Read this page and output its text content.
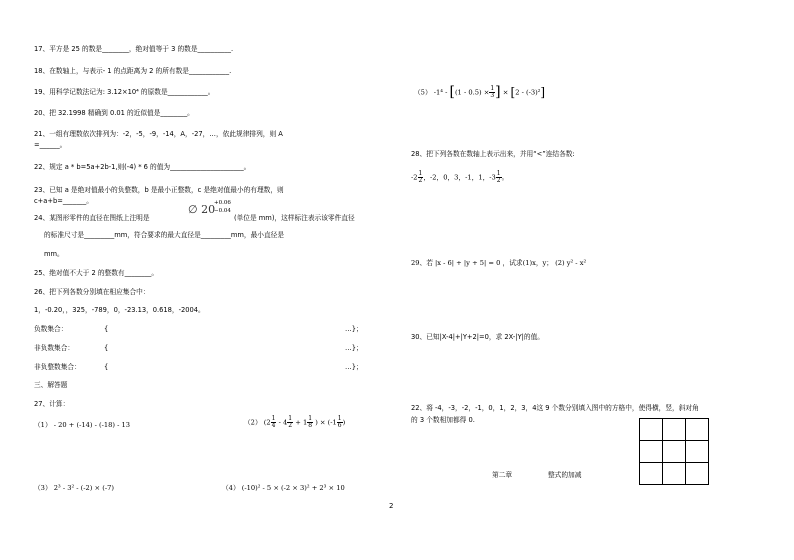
17、平方是 25 的数是________，绝对值等于 3 的数是__________.
18、在数轴上，与表示- 1 的点距离为 2 的所有数是____________.
19、用科学记数法记为: 3.12×10⁴ 的原数是____________。
20、把 32.1998 精确到 0.01 的近似值是________。
21、一组有理数依次排列为：-2，-5，-9，-14，A，-27，…，依此规律排列，则 A
=______。
22、规定 a * b=5a+2b-1,则(-4) * 6 的值为______________________。
23、已知 a 是绝对值最小的负整数，b 是最小正整数，c 是绝对值最小的有理数，则
c+a+b=_______。
24、某图形零件的直径在图纸上注明是
∅ 20
+0.06
−0.04
(单位是 mm)，这样标注表示该零件直径
的标准尺寸是_________mm，符合要求的最大直径是_________mm，最小直径是
mm。
25、绝对值不大于 2 的整数有________。
26、把下列各数分别填在相应集合中：
1，-0.20，，325，-789，0，-23.13，0.618，-2004。
负数集合：	{	…}；
非负数集合：	{	…}；
非负整数集合：	{	…}；
三、解答题
27、计算：
（1） - 20 + (-14) - (-18) - 13	（2） ($2 \frac{1}{4} - 4 \frac{1}{2} + 1 \frac{1}{8}$ ) × ($-1 \frac{1}{6}$ )
（3） 2³ - 3² - (-2) × (-7)	（4） (-10)² - 5 × (-2 × 3)² + 2³ × 10
（5） $-1^4 - [(1 - 0.5) \times \frac{1}{3}$ ] × [2 - (-3)²]
28、把下列各数在数轴上表示出来，并用“<”连结各数:
$-2 \frac{1}{2}$ ，-2，0，3，-1，1，$-3 \frac{1}{2}$ 。
29、若 |x - 6| + |y + 5| = 0 ，试求(1)x，y； (2) y² - x²
30、已知|X-4|+|Y+2|=0，求 2X-|Y|的值。
22、将 -4，-3，-2，-1，0，1，2，3，4这 9 个数分别填入图中的方格中，使得横，竖，斜对角
的 3 个数相加都得 0.

第二章	整式的加减
2
